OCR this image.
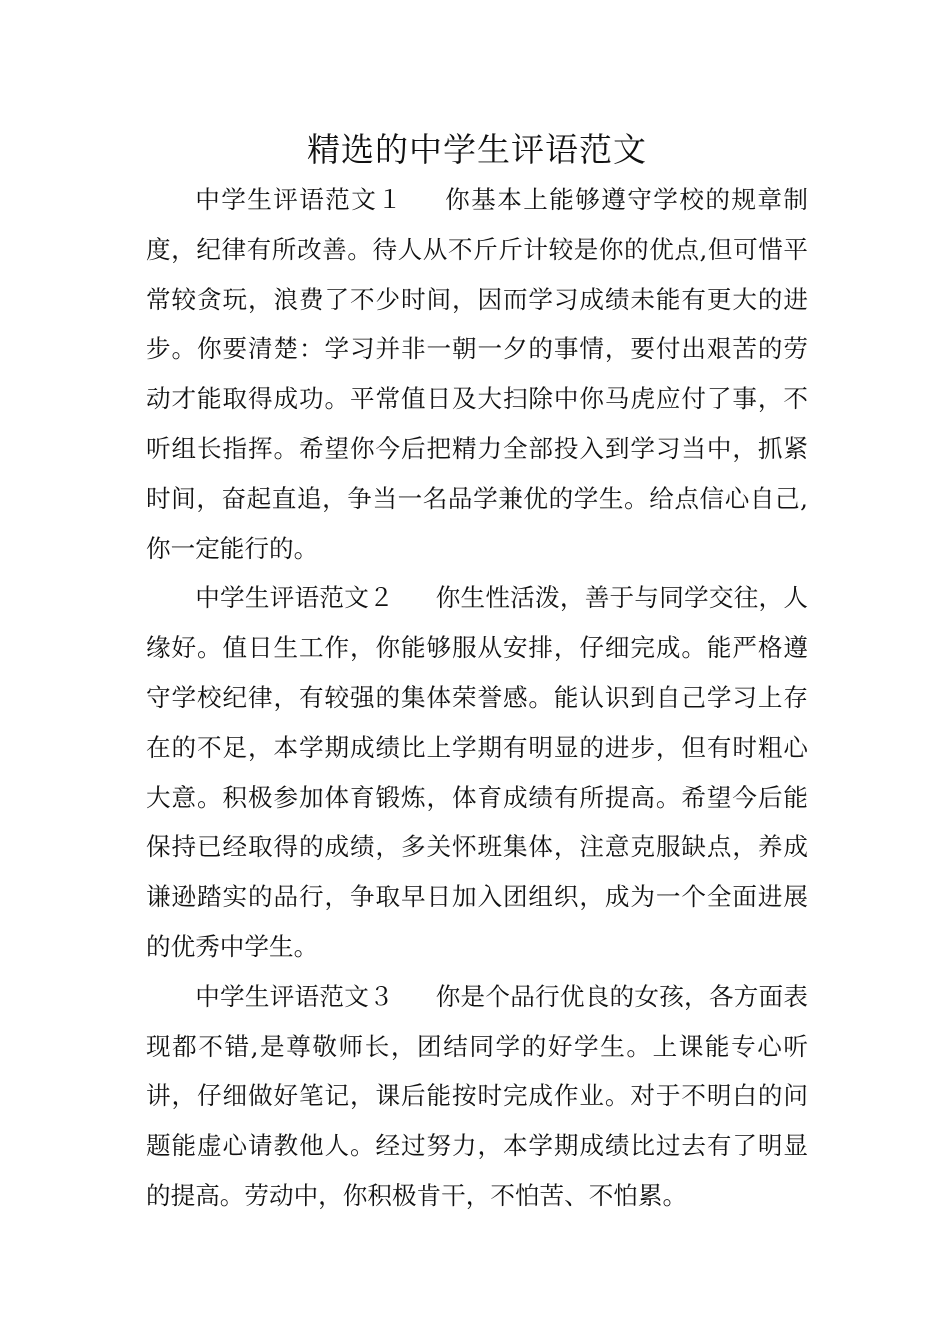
精选的中学生评语范文

中学生评语范文１ 你基本上能够遵守学校的规章制度，纪律有所改善。待人从不斤斤计较是你的优点,但可惜平常较贪玩，浪费了不少时间，因而学习成绩未能有更大的进步。你要清楚：学习并非一朝一夕的事情，要付出艰苦的劳动才能取得成功。平常值日及大扫除中你马虎应付了事，不听组长指挥。希望你今后把精力全部投入到学习当中，抓紧时间，奋起直追，争当一名品学兼优的学生。给点信心自己,你一定能行的。

中学生评语范文２ 你生性活泼，善于与同学交往，人缘好。值日生工作，你能够服从安排，仔细完成。能严格遵守学校纪律，有较强的集体荣誉感。能认识到自己学习上存在的不足，本学期成绩比上学期有明显的进步，但有时粗心大意。积极参加体育锻炼，体育成绩有所提高。希望今后能保持已经取得的成绩，多关怀班集体，注意克服缺点，养成谦逊踏实的品行，争取早日加入团组织，成为一个全面进展的优秀中学生。

中学生评语范文３ 你是个品行优良的女孩，各方面表现都不错,是尊敬师长，团结同学的好学生。上课能专心听讲，仔细做好笔记，课后能按时完成作业。对于不明白的问题能虚心请教他人。经过努力，本学期成绩比过去有了明显的提高。劳动中，你积极肯干，不怕苦、不怕累。
